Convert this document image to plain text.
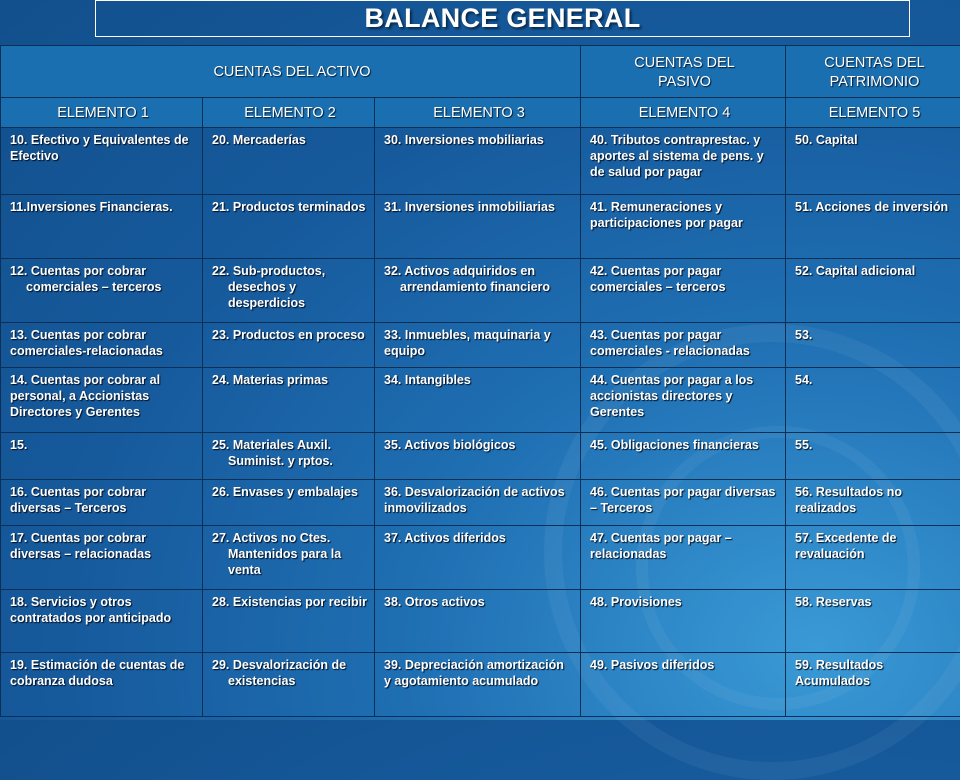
BALANCE GENERAL
CUENTAS DEL ACTIVO			CUENTAS DEL PASIVO	CUENTAS DEL PATRIMONIO
ELEMENTO 1	ELEMENTO 2	ELEMENTO 3	ELEMENTO 4	ELEMENTO 5
10. Efectivo y Equivalentes de Efectivo	20. Mercaderías	30. Inversiones mobiliarias	40. Tributos contraprestac. y aportes al sistema de pens. y de salud por pagar	50. Capital

11.Inversiones Financieras.	21. Productos terminados	31. Inversiones inmobiliarias	41. Remuneraciones y participaciones por pagar	51. Acciones de inversión

12. Cuentas por cobrar comerciales – terceros	22. Sub-productos, desechos y desperdicios	32. Activos adquiridos en arrendamiento financiero	42. Cuentas por pagar comerciales – terceros	52. Capital adicional
13. Cuentas por cobrar comerciales-relacionadas	23. Productos en proceso	33. Inmuebles, maquinaria y equipo	43. Cuentas por pagar comerciales - relacionadas	53.
14. Cuentas por cobrar al personal, a Accionistas Directores y Gerentes	24. Materias primas	34. Intangibles	44. Cuentas por pagar a los accionistas directores y Gerentes	54.
15.	25. Materiales Auxil. Suminist. y rptos.	35. Activos biológicos	45. Obligaciones financieras	55.
16. Cuentas por cobrar diversas – Terceros	26. Envases y embalajes	36. Desvalorización de activos inmovilizados	46. Cuentas por pagar diversas – Terceros	56. Resultados no realizados
17. Cuentas por cobrar diversas – relacionadas	27. Activos no Ctes. Mantenidos para la venta	37. Activos diferidos	47. Cuentas por pagar – relacionadas	57. Excedente de revaluación
18. Servicios y otros contratados por anticipado	28. Existencias por recibir	38. Otros activos	48. Provisiones	58. Reservas
19. Estimación de cuentas de cobranza dudosa	29. Desvalorización de existencias	39. Depreciación amortización y agotamiento acumulado	49. Pasivos diferidos	59. Resultados Acumulados
